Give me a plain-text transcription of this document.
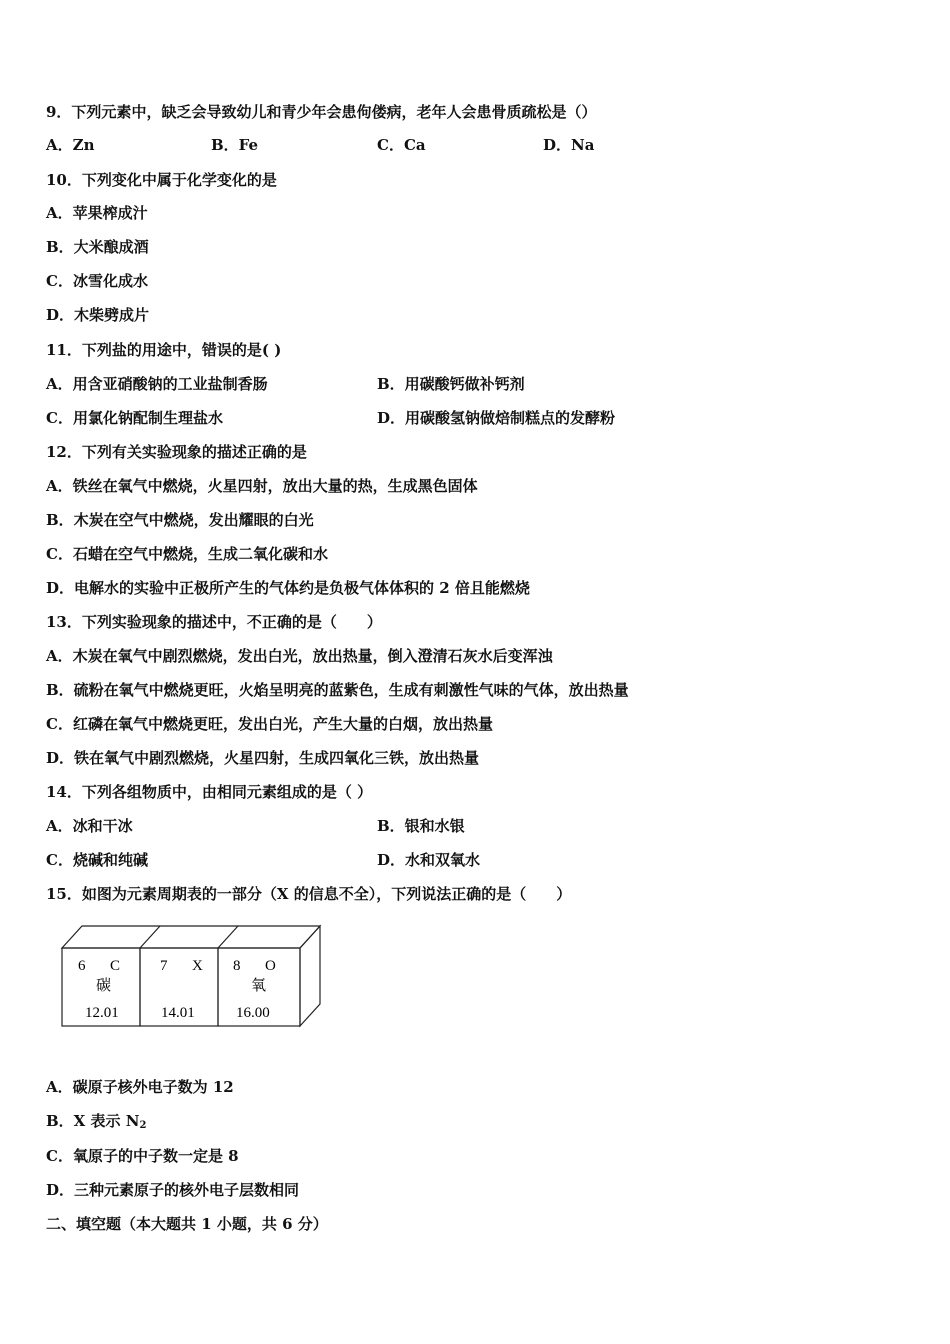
9．下列元素中，缺乏会导致幼儿和青少年会患佝偻病，老年人会患骨质疏松是（）
A．Zn	B．Fe	C．Ca	D．Na
10．下列变化中属于化学变化的是
A．苹果榨成汁
B．大米酿成酒
C．冰雪化成水
D．木柴劈成片
11．下列盐的用途中，错误的是( )
A．用含亚硝酸钠的工业盐制香肠	B．用碳酸钙做补钙剂
C．用氯化钠配制生理盐水	D．用碳酸氢钠做焙制糕点的发酵粉
12．下列有关实验现象的描述正确的是
A．铁丝在氧气中燃烧，火星四射，放出大量的热，生成黑色固体
B．木炭在空气中燃烧，发出耀眼的白光
C．石蜡在空气中燃烧，生成二氧化碳和水
D．电解水的实验中正极所产生的气体约是负极气体体积的 2 倍且能燃烧
13．下列实验现象的描述中，不正确的是（　　）
A．木炭在氧气中剧烈燃烧，发出白光，放出热量，倒入澄清石灰水后变浑浊
B．硫粉在氧气中燃烧更旺，火焰呈明亮的蓝紫色，生成有刺激性气味的气体，放出热量
C．红磷在氧气中燃烧更旺，发出白光，产生大量的白烟，放出热量
D．铁在氧气中剧烈燃烧，火星四射，生成四氧化三铁，放出热量
14．下列各组物质中，由相同元素组成的是（ ）
A．冰和干冰	B．银和水银
C．烧碱和纯碱	D．水和双氧水
15．如图为元素周期表的一部分（X 的信息不全），下列说法正确的是（　　）
6 C
碳
12.01
7 X
14.01
8 O
氧
16.00
A．碳原子核外电子数为 12
B．X 表示 $N_2$
C．氧原子的中子数一定是 8
D．三种元素原子的核外电子层数相同
二、填空题（本大题共 1 小题，共 6 分）
